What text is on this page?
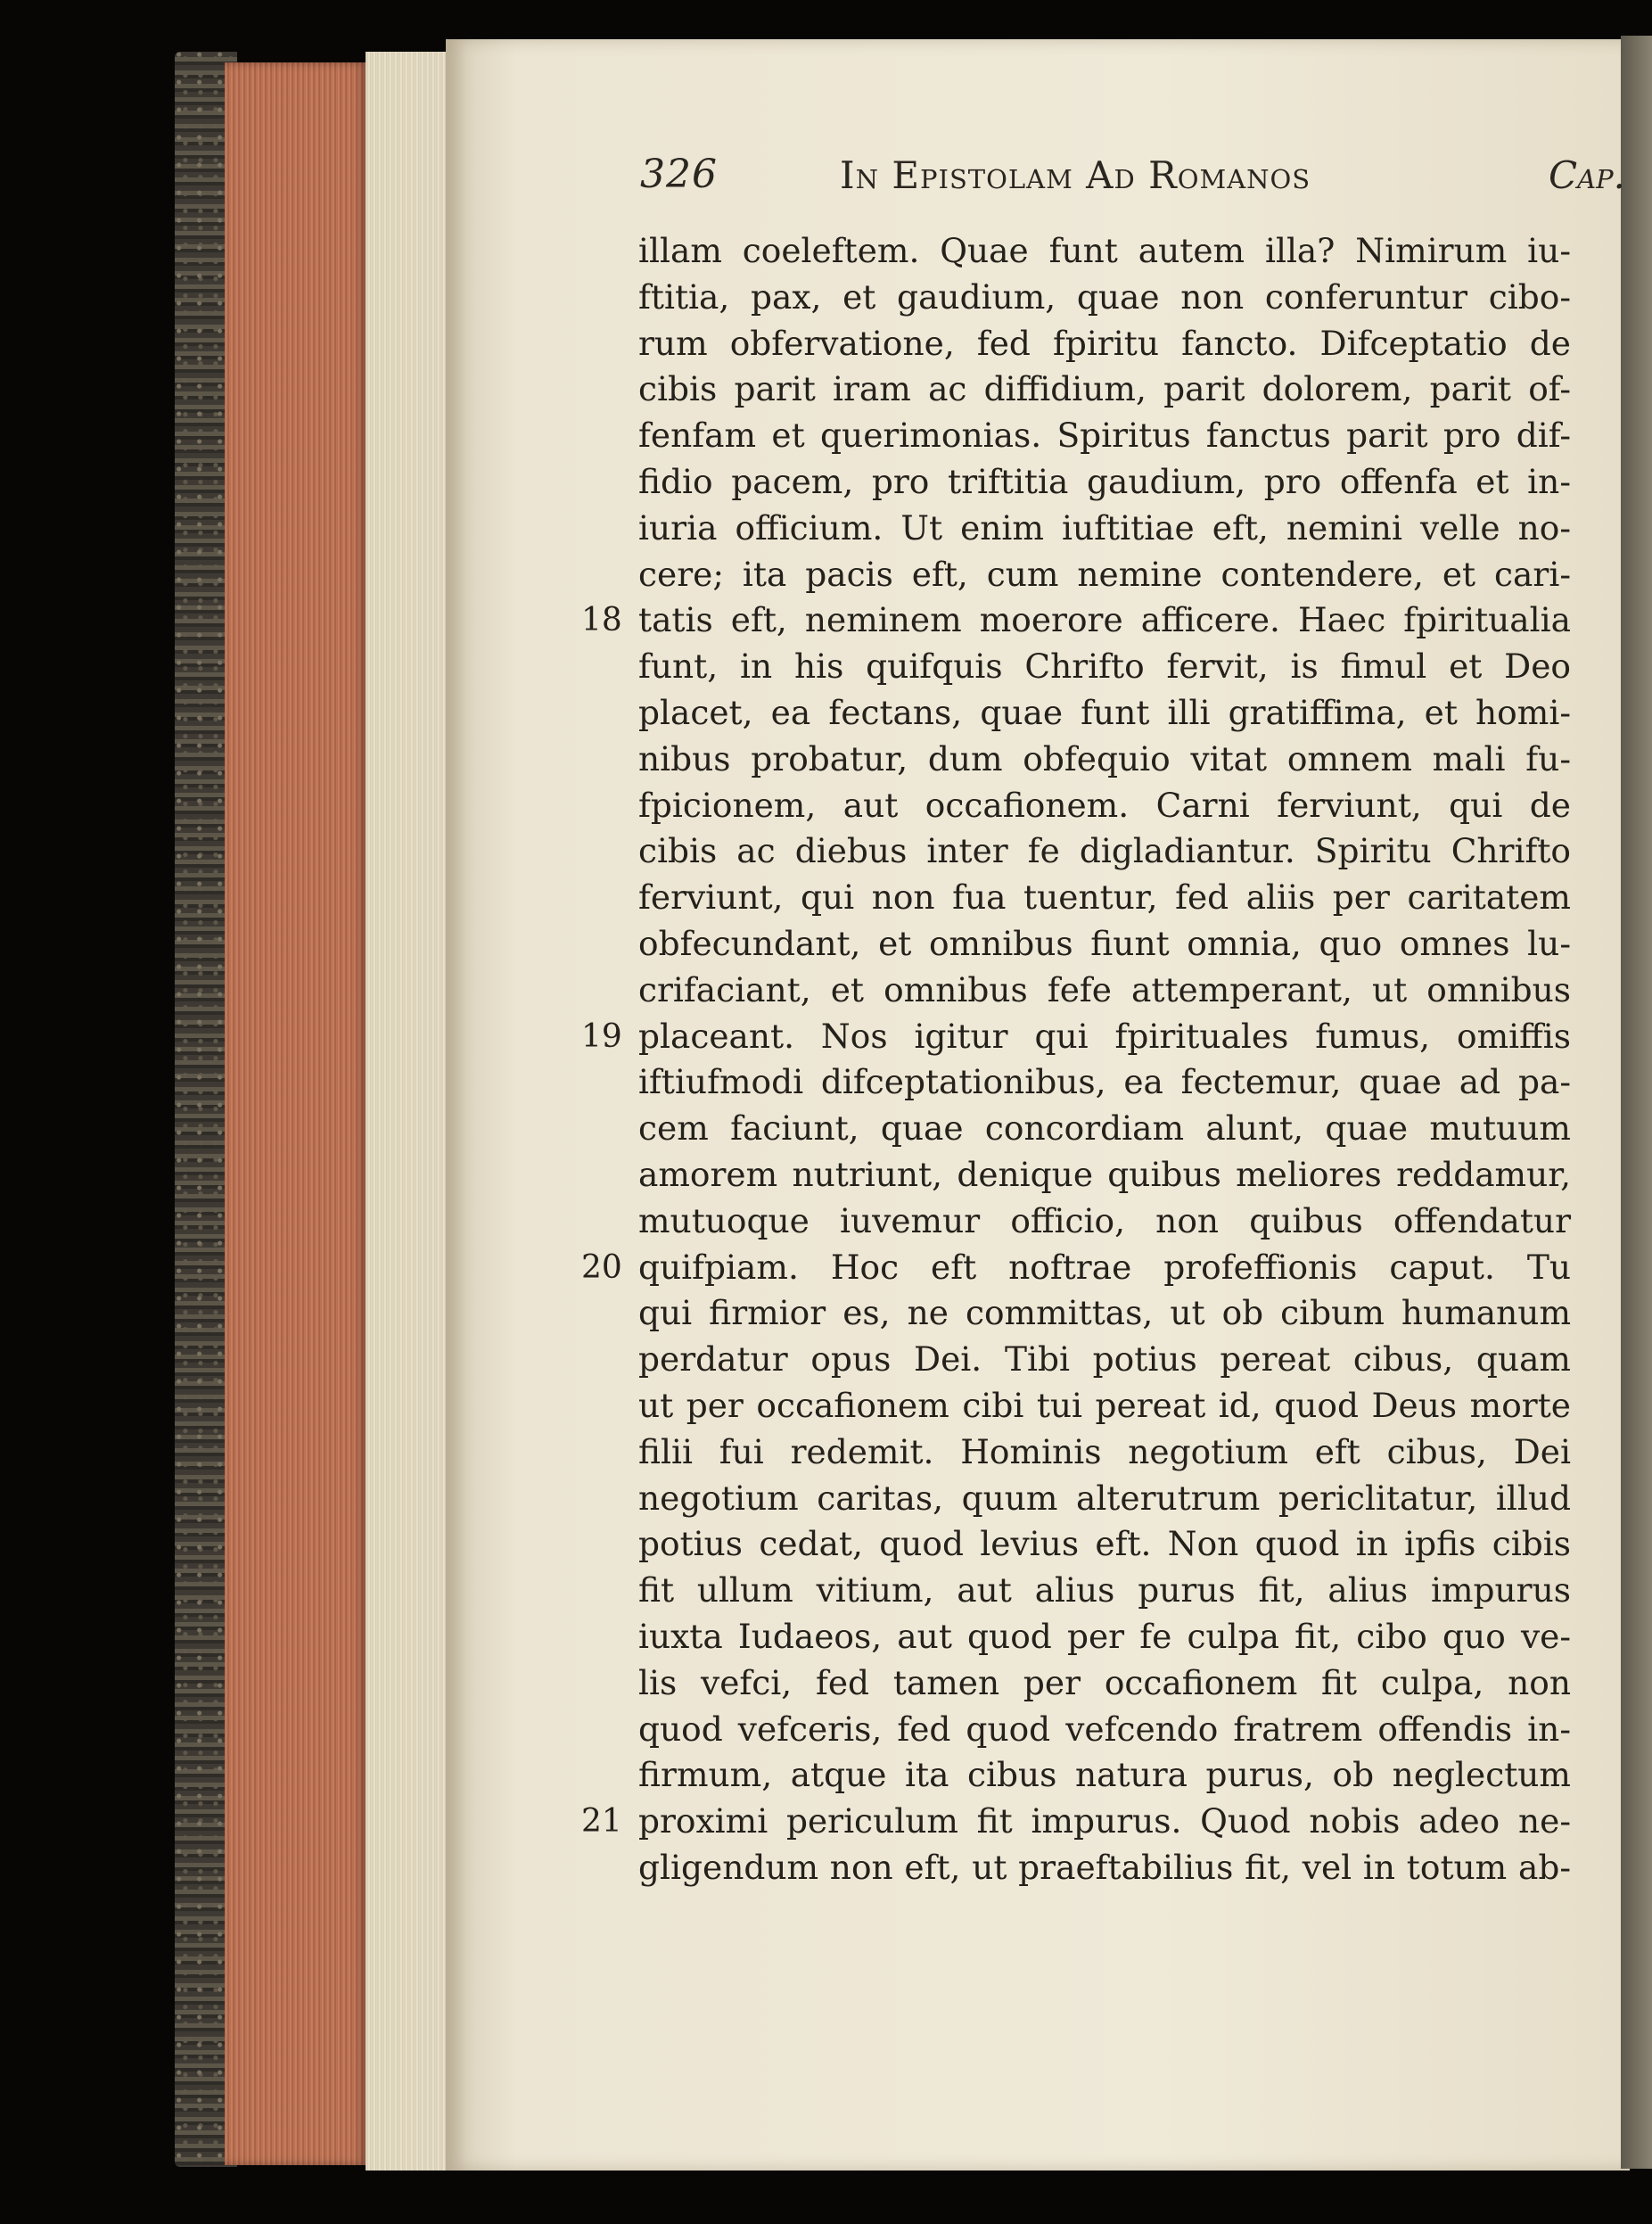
326	In Epistolam Ad Romanos	Cap.
illam coeleftem. Quae funt autem illa? Nimirum iu-
ftitia, pax, et gaudium, quae non conferuntur cibo-
rum obfervatione, fed fpiritu fancto. Difceptatio de
cibis parit iram ac diffidium, parit dolorem, parit of-
fenfam et querimonias. Spiritus fanctus parit pro dif-
fidio pacem, pro triftitia gaudium, pro offenfa et in-
iuria officium. Ut enim iuftitiae eft, nemini velle no-
cere; ita pacis eft, cum nemine contendere, et cari-
tatis eft, neminem moerore afficere. Haec fpiritualia
funt, in his quifquis Chrifto fervit, is fimul et Deo
placet, ea fectans, quae funt illi gratiffima, et homi-
nibus probatur, dum obfequio vitat omnem mali fu-
fpicionem, aut occafionem. Carni ferviunt, qui de
cibis ac diebus inter fe digladiantur. Spiritu Chrifto
ferviunt, qui non fua tuentur, fed aliis per caritatem
obfecundant, et omnibus fiunt omnia, quo omnes lu-
crifaciant, et omnibus fefe attemperant, ut omnibus
placeant. Nos igitur qui fpirituales fumus, omiffis
iftiufmodi difceptationibus, ea fectemur, quae ad pa-
cem faciunt, quae concordiam alunt, quae mutuum
amorem nutriunt, denique quibus meliores reddamur,
mutuoque iuvemur officio, non quibus offendatur
quifpiam. Hoc eft noftrae profeffionis caput. Tu
qui firmior es, ne committas, ut ob cibum humanum
perdatur opus Dei. Tibi potius pereat cibus, quam
ut per occafionem cibi tui pereat id, quod Deus morte
filii fui redemit. Hominis negotium eft cibus, Dei
negotium caritas, quum alterutrum periclitatur, illud
potius cedat, quod levius eft. Non quod in ipfis cibis
fit ullum vitium, aut alius purus fit, alius impurus
iuxta Iudaeos, aut quod per fe culpa fit, cibo quo ve-
lis vefci, fed tamen per occafionem fit culpa, non
quod vefceris, fed quod vefcendo fratrem offendis in-
firmum, atque ita cibus natura purus, ob neglectum
proximi periculum fit impurus. Quod nobis adeo ne-
gligendum non eft, ut praeftabilius fit, vel in totum ab-
18
19
20
21
